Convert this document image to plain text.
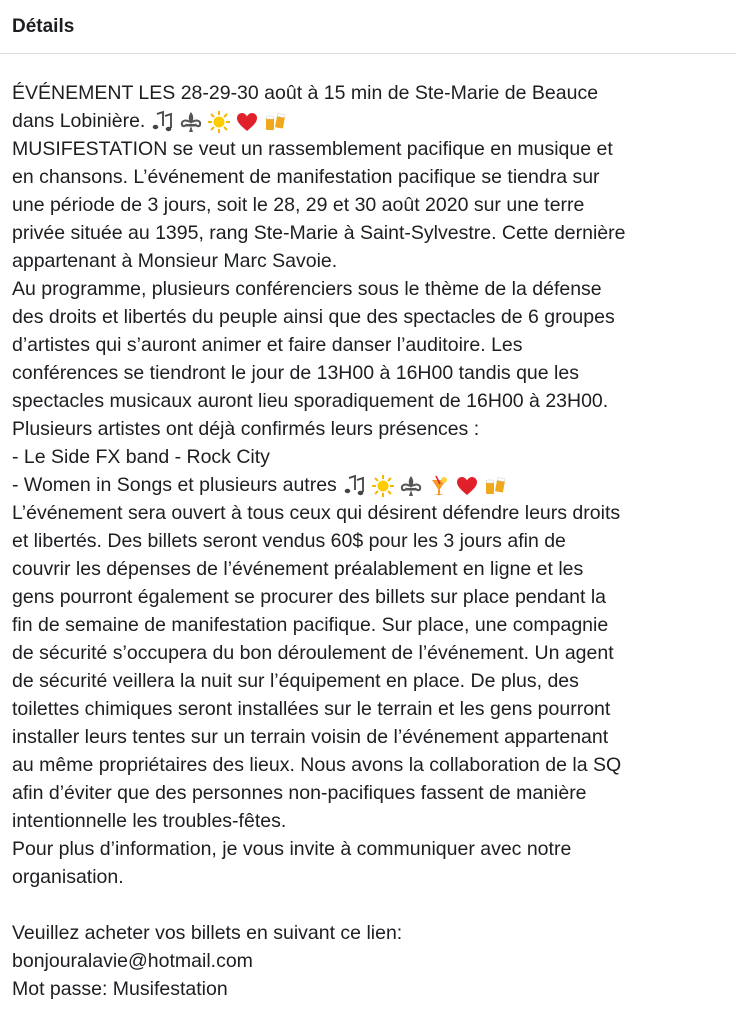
Détails
ÉVÉNEMENT LES 28-29-30 août à 15 min de Ste-Marie de Beauce
dans Lobinière.
MUSIFESTATION se veut un rassemblement pacifique en musique et
en chansons. L’événement de manifestation pacifique se tiendra sur
une période de 3 jours, soit le 28, 29 et 30 août 2020 sur une terre
privée située au 1395, rang Ste-Marie à Saint-Sylvestre. Cette dernière
appartenant à Monsieur Marc Savoie.
Au programme, plusieurs conférenciers sous le thème de la défense
des droits et libertés du peuple ainsi que des spectacles de 6 groupes
d’artistes qui s’auront animer et faire danser l’auditoire. Les
conférences se tiendront le jour de 13H00 à 16H00 tandis que les
spectacles musicaux auront lieu sporadiquement de 16H00 à 23H00.
Plusieurs artistes ont déjà confirmés leurs présences :
- Le Side FX band - Rock City
- Women in Songs et plusieurs autres
L’événement sera ouvert à tous ceux qui désirent défendre leurs droits
et libertés. Des billets seront vendus 60$ pour les 3 jours afin de
couvrir les dépenses de l’événement préalablement en ligne et les
gens pourront également se procurer des billets sur place pendant la
fin de semaine de manifestation pacifique. Sur place, une compagnie
de sécurité s’occupera du bon déroulement de l’événement. Un agent
de sécurité veillera la nuit sur l’équipement en place. De plus, des
toilettes chimiques seront installées sur le terrain et les gens pourront
installer leurs tentes sur un terrain voisin de l’événement appartenant
au même propriétaires des lieux. Nous avons la collaboration de la SQ
afin d’éviter que des personnes non-pacifiques fassent de manière
intentionnelle les troubles-fêtes.
Pour plus d’information, je vous invite à communiquer avec notre
organisation.
Veuillez acheter vos billets en suivant ce lien:
bonjouralavie@hotmail.com
Mot passe: Musifestation
